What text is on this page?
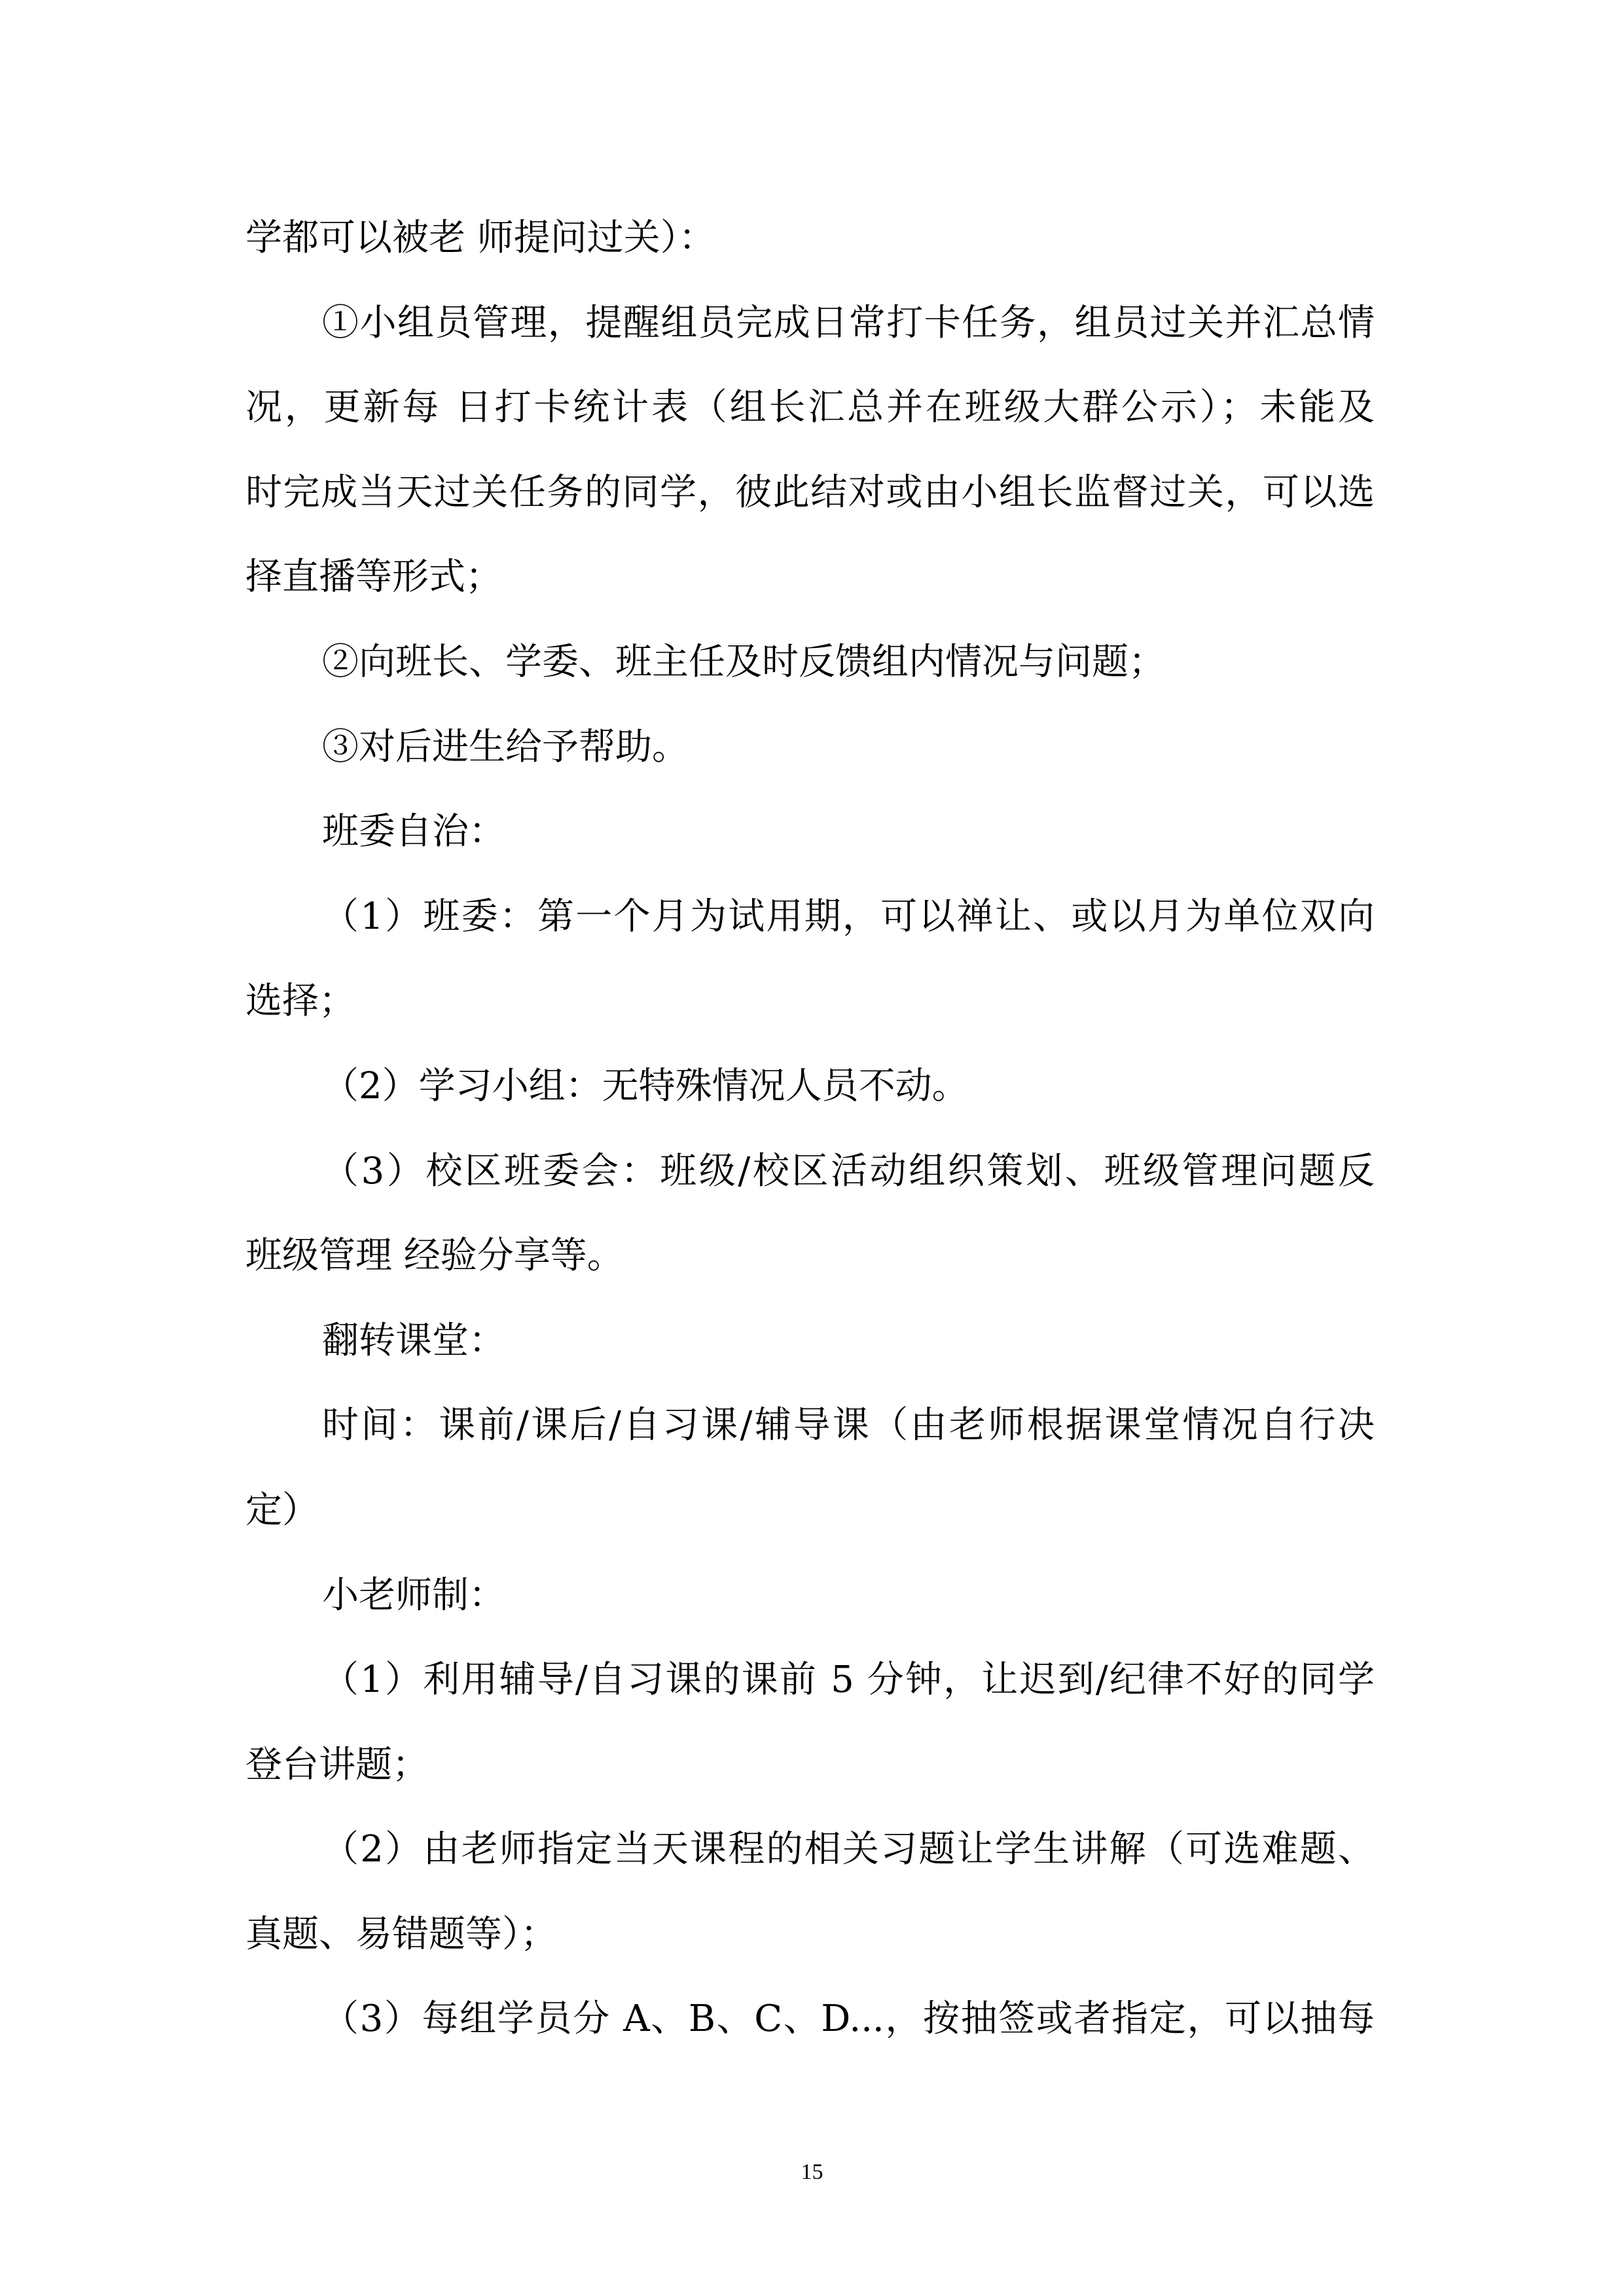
学都可以被老 师提问过关）：
①小组员管理，提醒组员完成日常打卡任务，组员过关并汇总情
况，更新每 日打卡统计表（组长汇总并在班级大群公示）；未能及
时完成当天过关任务的同学，彼此结对或由小组长监督过关，可以选
择直播等形式；
②向班长、学委、班主任及时反馈组内情况与问题；
③对后进生给予帮助。
班委自治：
（1）班委：第一个月为试用期，可以禅让、或以月为单位双向
选择；
（2）学习小组：无特殊情况人员不动。
（3）校区班委会：班级/校区活动组织策划、班级管理问题反
班级管理 经验分享等。
翻转课堂：
时间：课前/课后/自习课/辅导课（由老师根据课堂情况自行决
定）
小老师制：
（1）利用辅导/自习课的课前 5 分钟，让迟到/纪律不好的同学
登台讲题；
（2）由老师指定当天课程的相关习题让学生讲解（可选难题、
真题、易错题等）；
（3）每组学员分 A、B、C、D...，按抽签或者指定，可以抽每
15
